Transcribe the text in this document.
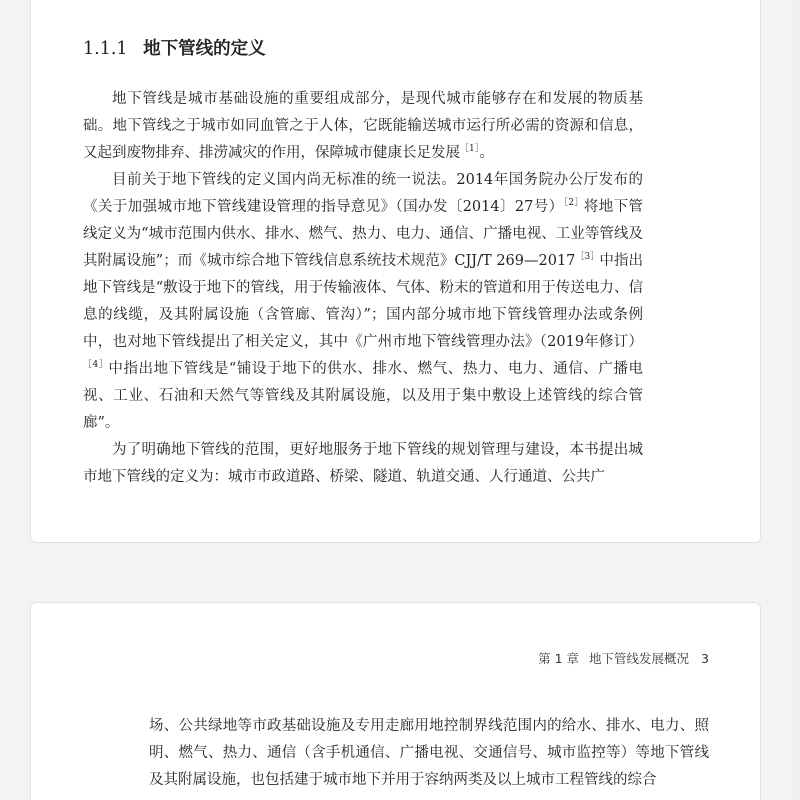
1.1.1 地下管线的定义

地下管线是城市基础设施的重要组成部分，是现代城市能够存在和发展的物质基础。地下管线之于城市如同血管之于人体，它既能输送城市运行所必需的资源和信息，又起到废物排弃、排涝减灾的作用，保障城市健康长足发展$^{[1]}$。

目前关于地下管线的定义国内尚无标准的统一说法。2014年国务院办公厅发布的《关于加强城市地下管线建设管理的指导意见》（国办发〔2014〕27号）$^{[2]}$将地下管线定义为“城市范围内供水、排水、燃气、热力、电力、通信、广播电视、工业等管线及其附属设施”；而《城市综合地下管线信息系统技术规范》CJJ/T $269—2017^{[3]}$中指出地下管线是“敷设于地下的管线，用于传输液体、气体、粉末的管道和用于传送电力、信息的线缆，及其附属设施（含管廊、管沟）”；国内部分城市地下管线管理办法或条例中，也对地下管线提出了相关定义，其中《广州市地下管线管理办法》（2019年修订）$^{[4]}$中指出地下管线是“铺设于地下的供水、排水、燃气、热力、电力、通信、广播电视、工业、石油和天然气等管线及其附属设施，以及用于集中敷设上述管线的综合管廊”。

为了明确地下管线的范围，更好地服务于地下管线的规划管理与建设，本书提出城市地下管线的定义为：城市市政道路、桥梁、隧道、轨道交通、人行通道、公共广

第 1 章 地下管线发展概况 3

场、公共绿地等市政基础设施及专用走廊用地控制界线范围内的给水、排水、电力、照明、燃气、热力、通信（含手机通信、广播电视、交通信号、城市监控等）等地下管线及其附属设施，也包括建于城市地下并用于容纳两类及以上城市工程管线的综合
